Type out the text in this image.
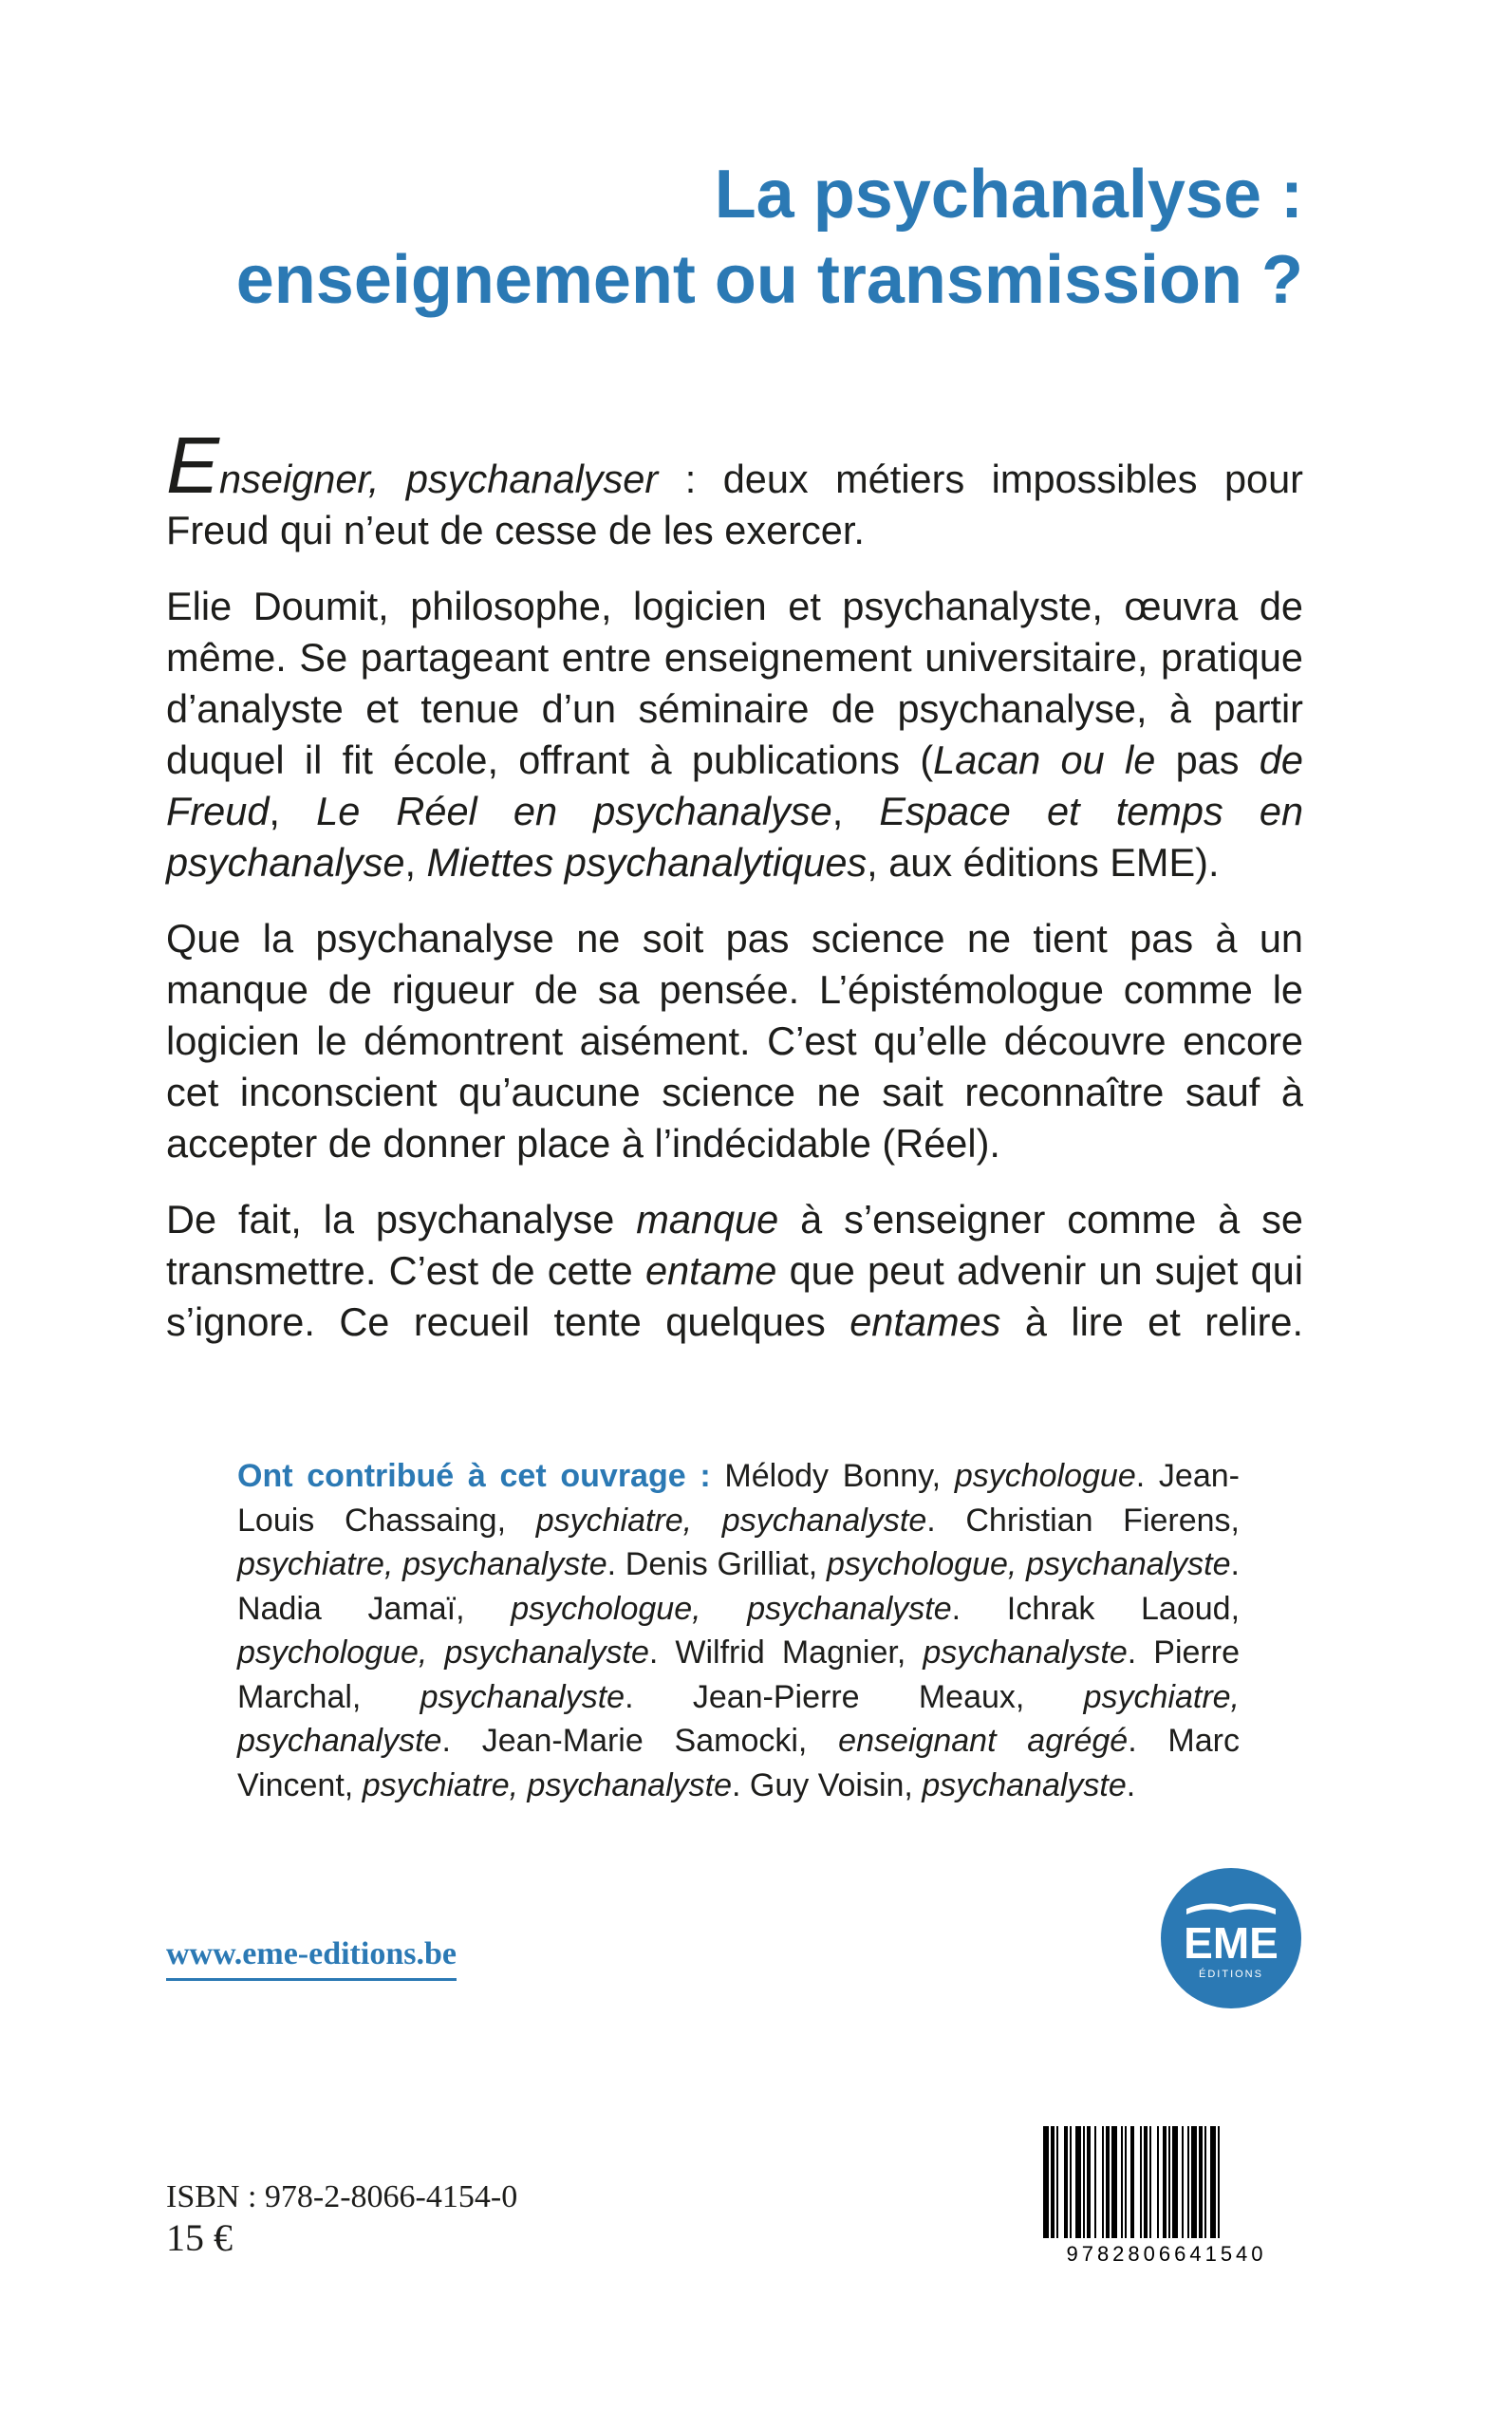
La psychanalyse :
enseignement ou transmission ?

Enseigner, psychanalyser : deux métiers impossibles pour Freud qui n’eut de cesse de les exercer.

Elie Doumit, philosophe, logicien et psychanalyste, œuvra de même. Se partageant entre enseignement universitaire, pratique d’analyste et tenue d’un séminaire de psychanalyse, à partir duquel il fit école, offrant à publications (Lacan ou le pas de Freud, Le Réel en psychanalyse, Espace et temps en psychanalyse, Miettes psychanalytiques, aux éditions EME).

Que la psychanalyse ne soit pas science ne tient pas à un manque de rigueur de sa pensée. L’épistémologue comme le logicien le démontrent aisément. C’est qu’elle découvre encore cet inconscient qu’aucune science ne sait reconnaître sauf à accepter de donner place à l’indécidable (Réel).

De fait, la psychanalyse manque à s’enseigner comme à se transmettre. C’est de cette entame que peut advenir un sujet qui s’ignore. Ce recueil tente quelques entames à lire et relire.

Ont contribué à cet ouvrage : Mélody Bonny, psychologue. Jean-Louis Chassaing, psychiatre, psychanalyste. Christian Fierens, psychiatre, psychanalyste. Denis Grilliat, psychologue, psychanalyste. Nadia Jamaï, psychologue, psychanalyste. Ichrak Laoud, psychologue, psychanalyste. Wilfrid Magnier, psychanalyste. Pierre Marchal, psychanalyste. Jean-Pierre Meaux, psychiatre, psychanalyste. Jean-Marie Samocki, enseignant agrégé. Marc Vincent, psychiatre, psychanalyste. Guy Voisin, psychanalyste.
www.eme-editions.be	EME
ÉDITIONS
ISBN : 978-2-8066-4154-0
15 €	9782806641540
